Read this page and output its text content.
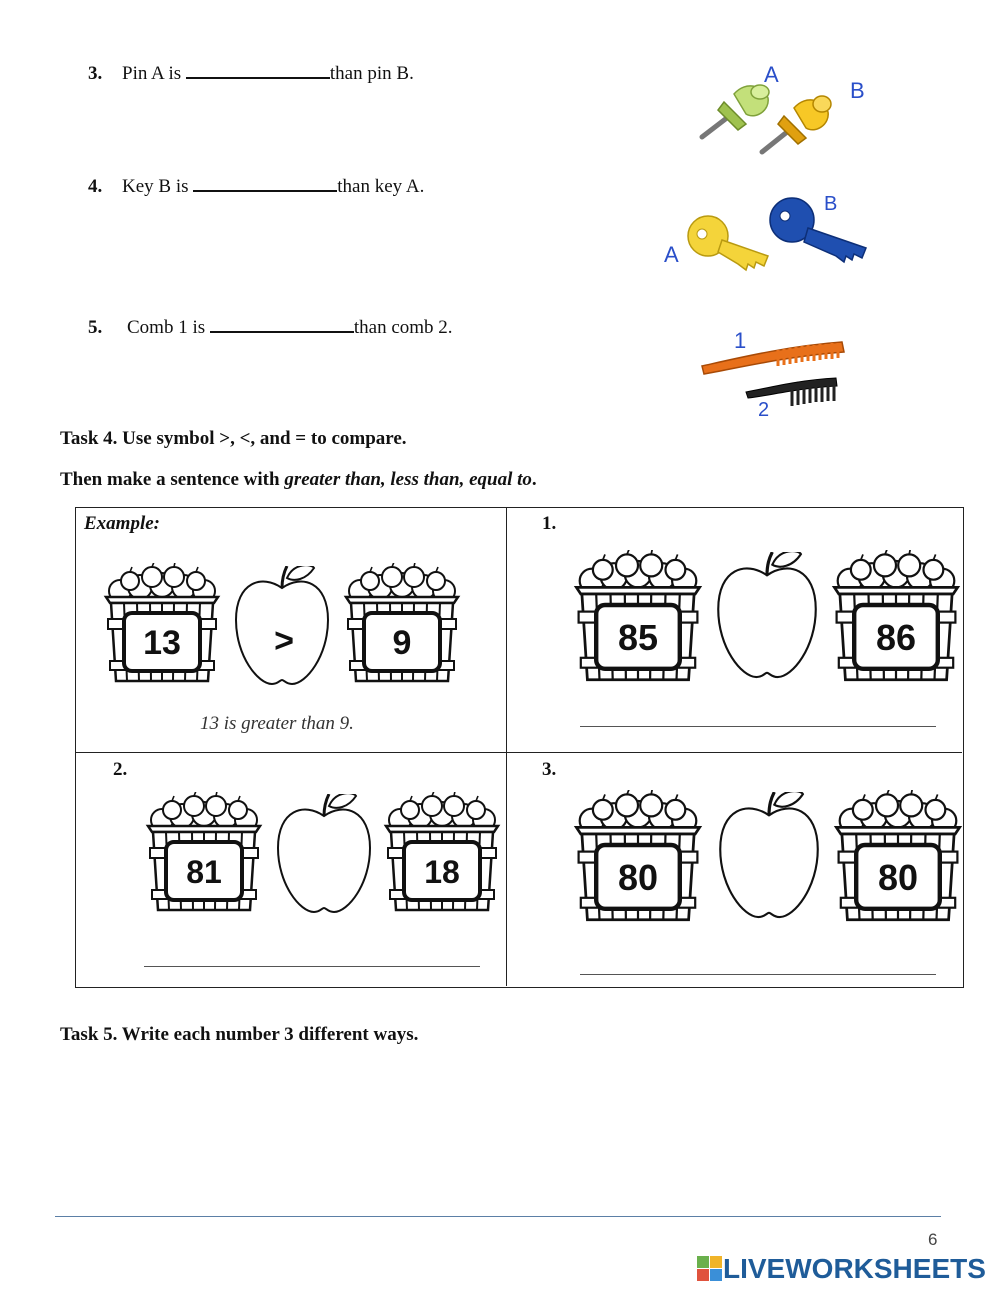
3. Pin A is	than pin B.
4. Key B is	than key A.
5. Comb 1 is	than comb 2.
A
B
A
B
1
2
Task 4. Use symbol >, <, and = to compare.
Then make a sentence with greater than, less than, equal to.
Example:
13	>	9
13 is greater than 9.
1.
85	86
2.
81	18
3.
80	80
Task 5. Write each number 3 different ways.
6
LIVEWORKSHEETS
